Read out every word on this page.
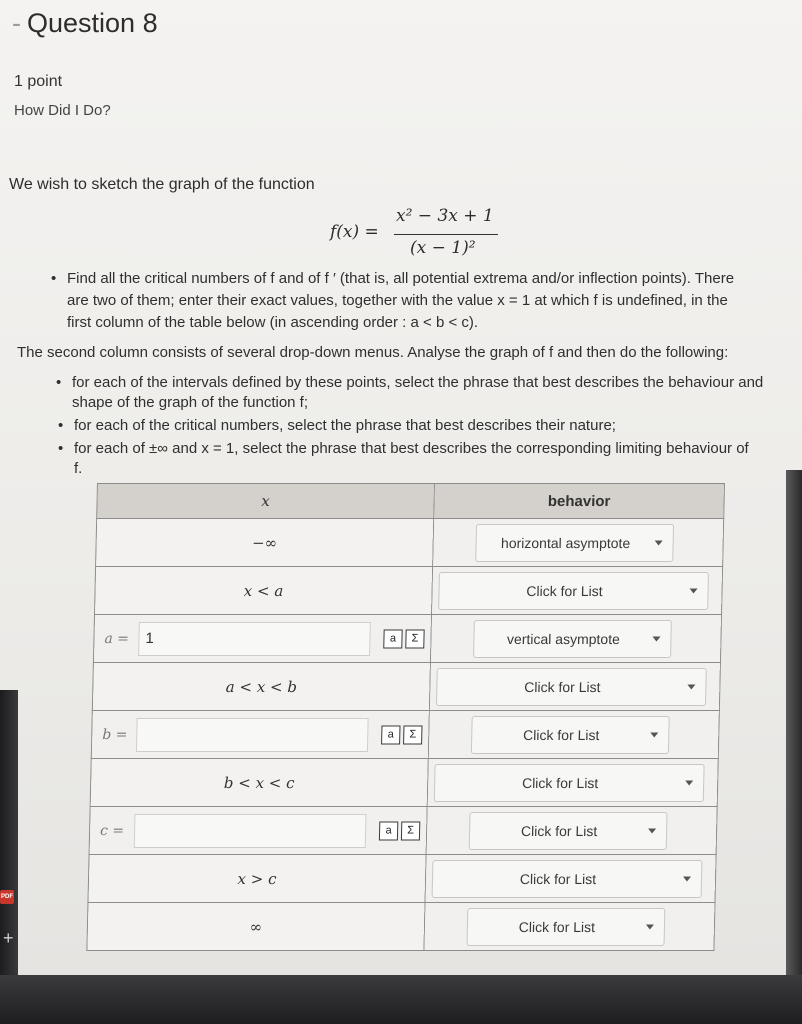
- Question 8
1 point
How Did I Do?
We wish to sketch the graph of the function
f(x) =
x² − 3x + 1
(x − 1)²
• Find all the critical numbers of f and of f ′ (that is, all potential extrema and/or inflection points). There
are two of them; enter their exact values, together with the value x = 1 at which f is undefined, in the
first column of the table below (in ascending order : a < b < c).
The second column consists of several drop-down menus. Analyse the graph of f and then do the following:
• for each of the intervals defined by these points, select the phrase that best describes the behaviour and
shape of the graph of the function f;
• for each of the critical numbers, select the phrase that best describes their nature;
• for each of ±∞ and x = 1, select the phrase that best describes the corresponding limiting behaviour of
f.
x	behavior
−∞	horizontal asymptote

x < a	Click for List

a = 1 a Σ	vertical asymptote

a < x < b	Click for List

b = a Σ	Click for List

b < x < c	Click for List

c = a Σ	Click for List

x > c	Click for List

∞	Click for List
PDF
+
